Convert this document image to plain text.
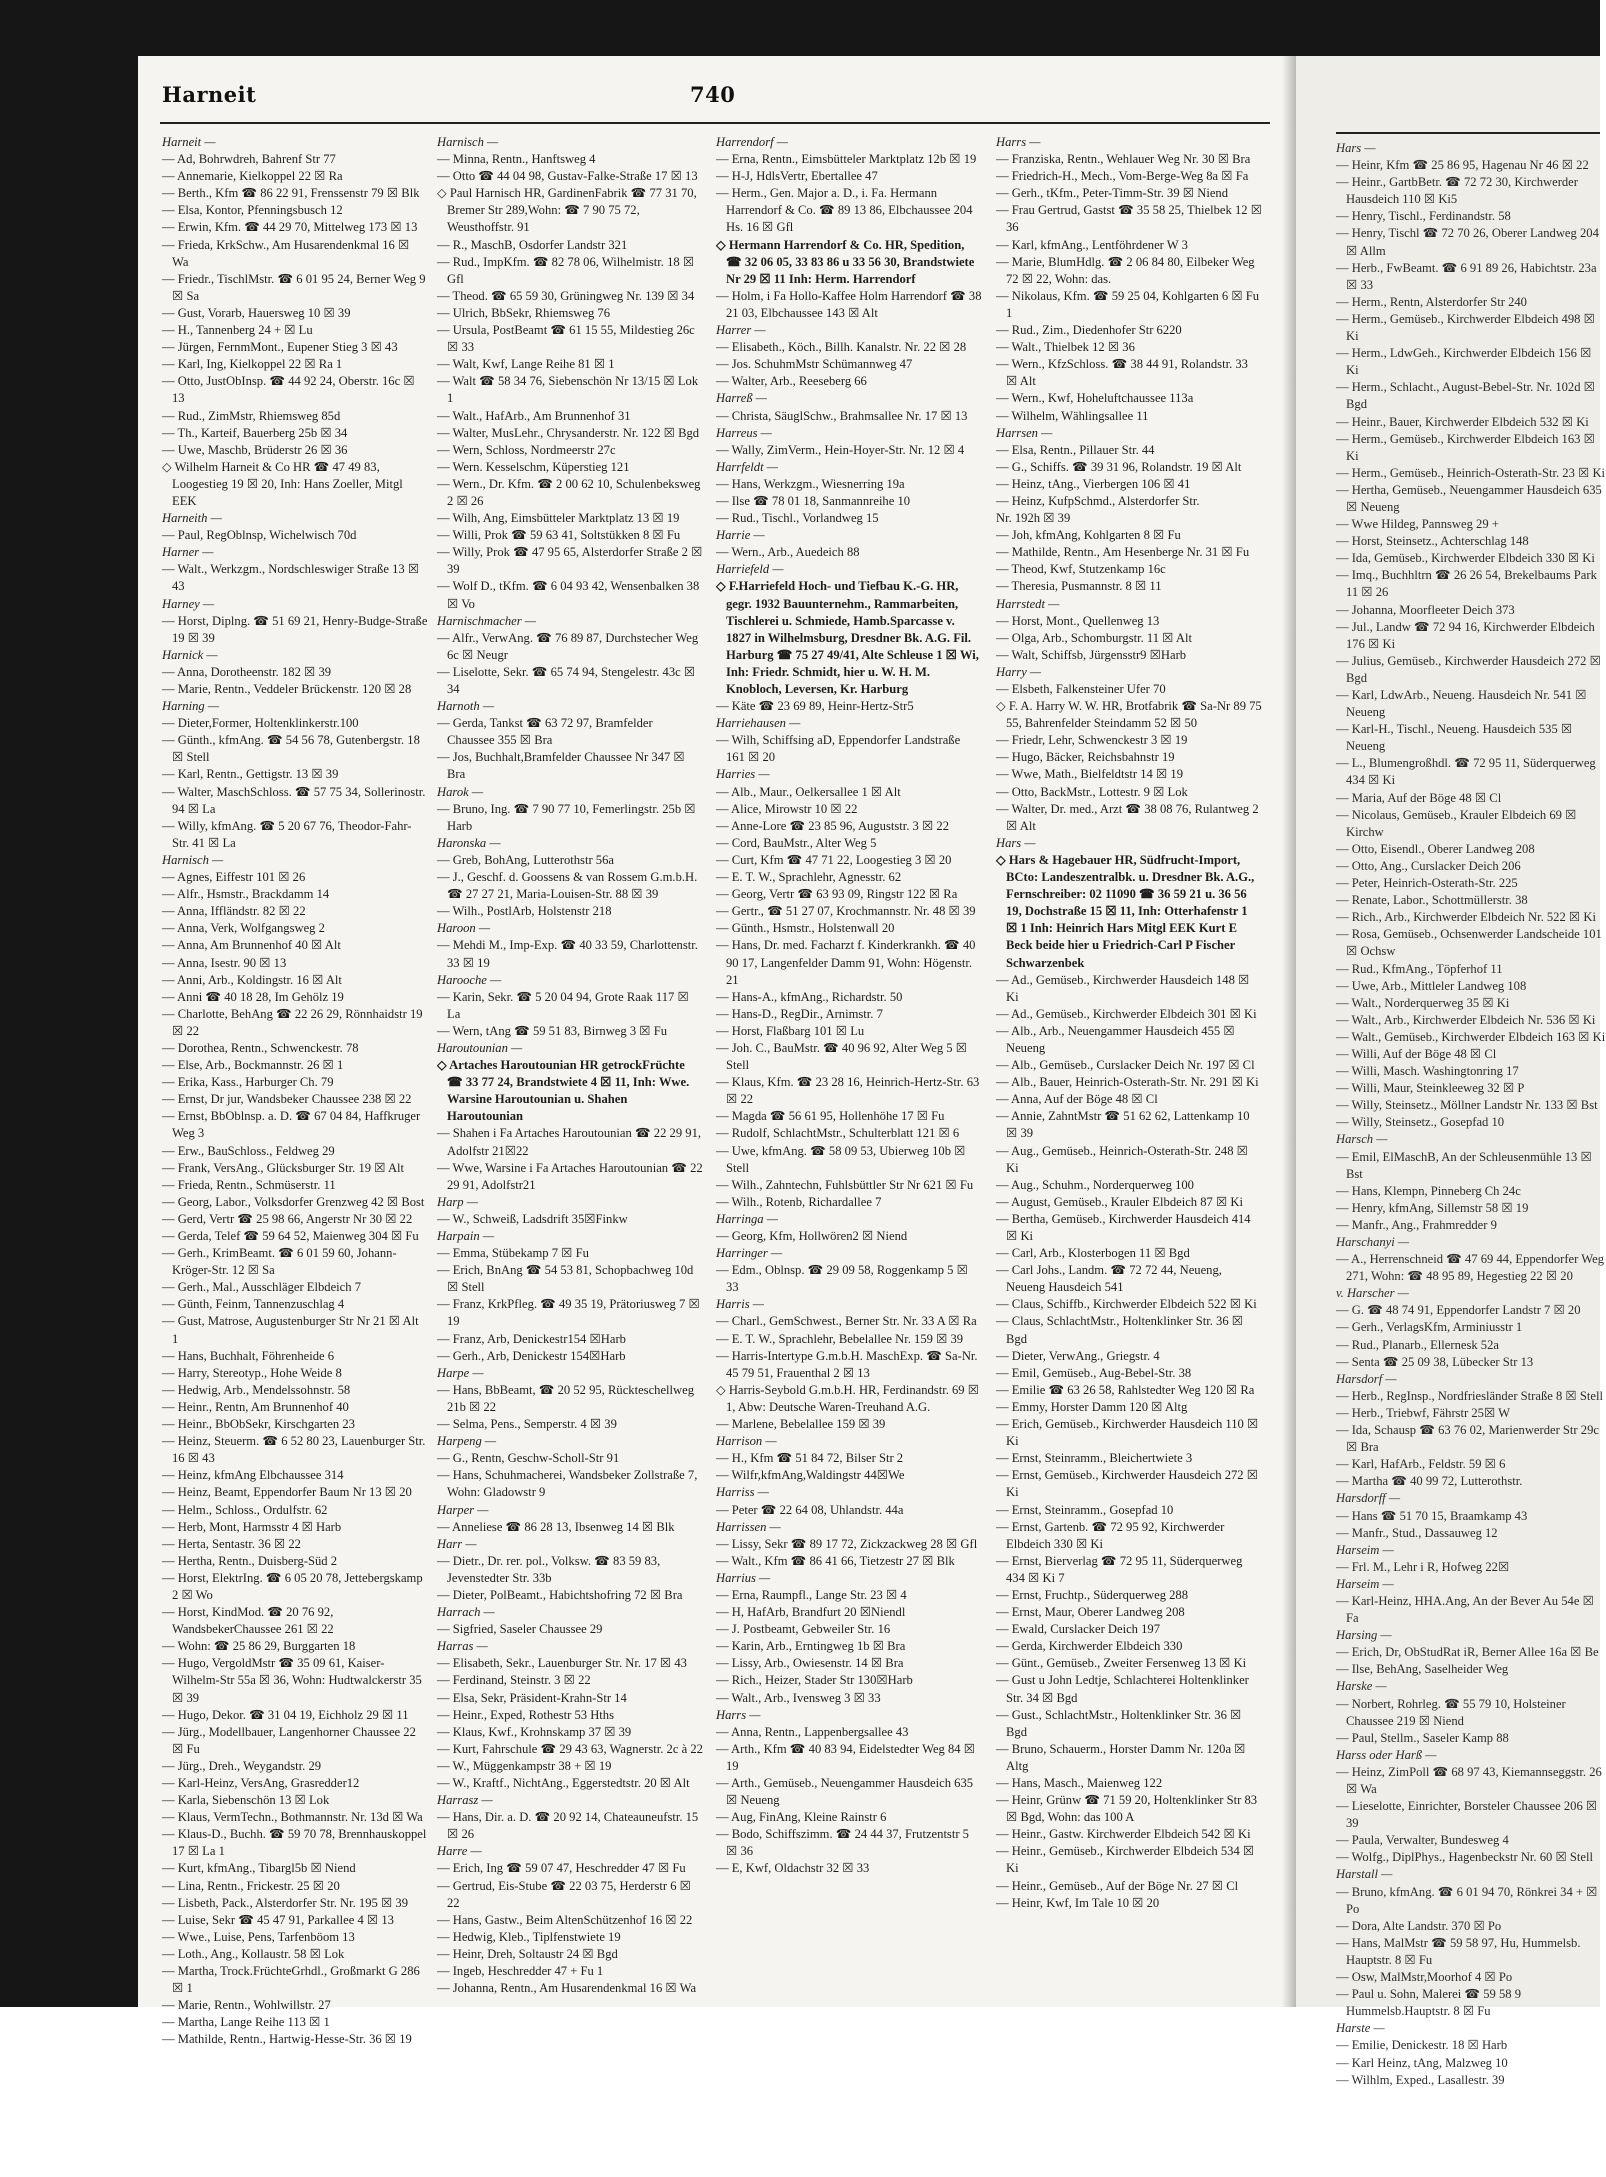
Harneit	740

Harneit —

— Ad, Bohrwdreh, Bahrenf Str 77

— Annemarie, Kielkoppel 22 ☒ Ra

— Berth., Kfm ☎ 86 22 91, Frenssenstr 79 ☒ Blk

— Elsa, Kontor, Pfenningsbusch 12

— Erwin, Kfm. ☎ 44 29 70, Mittelweg 173 ☒ 13

— Frieda, KrkSchw., Am Husarendenkmal 16 ☒ Wa

— Friedr., TischlMstr. ☎ 6 01 95 24, Berner Weg 9 ☒ Sa

— Gust, Vorarb, Hauersweg 10 ☒ 39

— H., Tannenberg 24 + ☒ Lu

— Jürgen, FernmMont., Eupener Stieg 3 ☒ 43

— Karl, Ing, Kielkoppel 22 ☒ Ra 1

— Otto, JustObInsp. ☎ 44 92 24, Oberstr. 16c ☒ 13

— Rud., ZimMstr, Rhiemsweg 85d

— Th., Karteif, Bauerberg 25b ☒ 34

— Uwe, Maschb, Brüderstr 26 ☒ 36

◇ Wilhelm Harneit & Co HR ☎ 47 49 83, Loogestieg 19 ☒ 20, Inh: Hans Zoeller, Mitgl EEK

Harneith —

— Paul, RegOblnsp, Wichelwisch 70d

Harner —

— Walt., Werkzgm., Nordschleswiger Straße 13 ☒ 43

Harney —

— Horst, Diplng. ☎ 51 69 21, Henry-Budge-Straße 19 ☒ 39

Harnick —

— Anna, Dorotheenstr. 182 ☒ 39

— Marie, Rentn., Veddeler Brückenstr. 120 ☒ 28

Harning —

— Dieter,Former, Holtenklinkerstr.100

— Günth., kfmAng. ☎ 54 56 78, Gutenbergstr. 18 ☒ Stell

— Karl, Rentn., Gettigstr. 13 ☒ 39

— Walter, MaschSchloss. ☎ 57 75 34, Sollerinostr. 94 ☒ La

— Willy, kfmAng. ☎ 5 20 67 76, Theodor-Fahr-Str. 41 ☒ La

Harnisch —

— Agnes, Eiffestr 101 ☒ 26

— Alfr., Hsmstr., Brackdamm 14

— Anna, Iffländstr. 82 ☒ 22

— Anna, Verk, Wolfgangsweg 2

— Anna, Am Brunnenhof 40 ☒ Alt

— Anna, Isestr. 90 ☒ 13

— Anni, Arb., Koldingstr. 16 ☒ Alt

— Anni ☎ 40 18 28, Im Gehölz 19

— Charlotte, BehAng ☎ 22 26 29, Rönnhaidstr 19 ☒ 22

— Dorothea, Rentn., Schwenckestr. 78

— Else, Arb., Bockmannstr. 26 ☒ 1

— Erika, Kass., Harburger Ch. 79

— Ernst, Dr jur, Wandsbeker Chaussee 238 ☒ 22

— Ernst, BbOblnsp. a. D. ☎ 67 04 84, Haffkruger Weg 3

— Erw., BauSchloss., Feldweg 29

— Frank, VersAng., Glücksburger Str. 19 ☒ Alt

— Frieda, Rentn., Schmüserstr. 11

— Georg, Labor., Volksdorfer Grenzweg 42 ☒ Bost

— Gerd, Vertr ☎ 25 98 66, Angerstr Nr 30 ☒ 22

— Gerda, Telef ☎ 59 64 52, Maienweg 304 ☒ Fu

— Gerh., KrimBeamt. ☎ 6 01 59 60, Johann-Kröger-Str. 12 ☒ Sa

— Gerh., Mal., Ausschläger Elbdeich 7

— Günth, Feinm, Tannenzuschlag 4

— Gust, Matrose, Augustenburger Str Nr 21 ☒ Alt 1

— Hans, Buchhalt, Föhrenheide 6

— Harry, Stereotyp., Hohe Weide 8

— Hedwig, Arb., Mendelssohnstr. 58

— Heinr., Rentn, Am Brunnenhof 40

— Heinr., BbObSekr, Kirschgarten 23

— Heinz, Steuerm. ☎ 6 52 80 23, Lauenburger Str. 16 ☒ 43

— Heinz, kfmAng Elbchaussee 314

— Heinz, Beamt, Eppendorfer Baum Nr 13 ☒ 20

— Helm., Schloss., Ordulfstr. 62

— Herb, Mont, Harmsstr 4 ☒ Harb

— Herta, Sentastr. 36 ☒ 22

— Hertha, Rentn., Duisberg-Süd 2

— Horst, ElektrIng. ☎ 6 05 20 78, Jettebergskamp 2 ☒ Wo

— Horst, KindMod. ☎ 20 76 92, WandsbekerChaussee 261 ☒ 22

— Wohn: ☎ 25 86 29, Burggarten 18

— Hugo, VergoldMstr ☎ 35 09 61, Kaiser-Wilhelm-Str 55a ☒ 36, Wohn: Hudtwalckerstr 35 ☒ 39

— Hugo, Dekor. ☎ 31 04 19, Eichholz 29 ☒ 11

— Jürg., Modellbauer, Langenhorner Chaussee 22 ☒ Fu

— Jürg., Dreh., Weygandstr. 29

— Karl-Heinz, VersAng, Grasredder12

— Karla, Siebenschön 13 ☒ Lok

— Klaus, VermTechn., Bothmannstr. Nr. 13d ☒ Wa

— Klaus-D., Buchh. ☎ 59 70 78, Brennhauskoppel 17 ☒ La 1

— Kurt, kfmAng., Tibargl5b ☒ Niend

— Lina, Rentn., Frickestr. 25 ☒ 20

— Lisbeth, Pack., Alsterdorfer Str. Nr. 195 ☒ 39

— Luise, Sekr ☎ 45 47 91, Parkallee 4 ☒ 13

— Wwe., Luise, Pens, Tarfenböom 13

— Loth., Ang., Kollaustr. 58 ☒ Lok

— Martha, Trock.FrüchteGrhdl., Großmarkt G 286 ☒ 1

— Marie, Rentn., Wohlwillstr. 27

— Martha, Lange Reihe 113 ☒ 1

— Mathilde, Rentn., Hartwig-Hesse-Str. 36 ☒ 19

Harnisch —

— Minna, Rentn., Hanftsweg 4

— Otto ☎ 44 04 98, Gustav-Falke-Straße 17 ☒ 13

◇ Paul Harnisch HR, GardinenFabrik ☎ 77 31 70, Bremer Str 289,Wohn: ☎ 7 90 75 72, Weusthoffstr. 91

— R., MaschB, Osdorfer Landstr 321

— Rud., ImpKfm. ☎ 82 78 06, Wilhelmistr. 18 ☒ Gfl

— Theod. ☎ 65 59 30, Grüningweg Nr. 139 ☒ 34

— Ulrich, BbSekr, Rhiemsweg 76

— Ursula, PostBeamt ☎ 61 15 55, Mildestieg 26c ☒ 33

— Walt, Kwf, Lange Reihe 81 ☒ 1

— Walt ☎ 58 34 76, Siebenschön Nr 13/15 ☒ Lok 1

— Walt., HafArb., Am Brunnenhof 31

— Walter, MusLehr., Chrysanderstr. Nr. 122 ☒ Bgd

— Wern, Schloss, Nordmeerstr 27c

— Wern. Kesselschm, Küperstieg 121

— Wern., Dr. Kfm. ☎ 2 00 62 10, Schulenbeksweg 2 ☒ 26

— Wilh, Ang, Eimsbütteler Marktplatz 13 ☒ 19

— Willi, Prok ☎ 59 63 41, Soltstükken 8 ☒ Fu

— Willy, Prok ☎ 47 95 65, Alsterdorfer Straße 2 ☒ 39

— Wolf D., tKfm. ☎ 6 04 93 42, Wensenbalken 38 ☒ Vo

Harnischmacher —

— Alfr., VerwAng. ☎ 76 89 87, Durchstecher Weg 6c ☒ Neugr

— Liselotte, Sekr. ☎ 65 74 94, Stengelestr. 43c ☒ 34

Harnoth —

— Gerda, Tankst ☎ 63 72 97, Bramfelder Chaussee 355 ☒ Bra

— Jos, Buchhalt,Bramfelder Chaussee Nr 347 ☒ Bra

Harok —

— Bruno, Ing. ☎ 7 90 77 10, Femerlingstr. 25b ☒ Harb

Haronska —

— Greb, BohAng, Lutterothstr 56a

— J., Geschf. d. Goossens & van Rossem G.m.b.H. ☎ 27 27 21, Maria-Louisen-Str. 88 ☒ 39

— Wilh., PostlArb, Holstenstr 218

Haroon —

— Mehdi M., Imp-Exp. ☎ 40 33 59, Charlottenstr. 33 ☒ 19

Harooche —

— Karin, Sekr. ☎ 5 20 04 94, Grote Raak 117 ☒ La

— Wern, tAng ☎ 59 51 83, Birnweg 3 ☒ Fu

Haroutounian —

◇ Artaches Haroutounian HR getrockFrüchte ☎ 33 77 24, Brandstwiete 4 ☒ 11, Inh: Wwe. Warsine Haroutounian u. Shahen Haroutounian

— Shahen i Fa Artaches Haroutounian ☎ 22 29 91, Adolfstr 21☒22

— Wwe, Warsine i Fa Artaches Haroutounian ☎ 22 29 91, Adolfstr21

Harp —

— W., Schweiß, Ladsdrift 35☒Finkw

Harpain —

— Emma, Stübekamp 7 ☒ Fu

— Erich, BnAng ☎ 54 53 81, Schopbachweg 10d ☒ Stell

— Franz, KrkPfleg. ☎ 49 35 19, Prätoriusweg 7 ☒ 19

— Franz, Arb, Denickestr154 ☒Harb

— Gerh., Arb, Denickestr 154☒Harb

Harpe —

— Hans, BbBeamt, ☎ 20 52 95, Rückteschellweg 21b ☒ 22

— Selma, Pens., Semperstr. 4 ☒ 39

Harpeng —

— G., Rentn, Geschw-Scholl-Str 91

— Hans, Schuhmacherei, Wandsbeker Zollstraße 7, Wohn: Gladowstr 9

Harper —

— Anneliese ☎ 86 28 13, Ibsenweg 14 ☒ Blk

Harr —

— Dietr., Dr. rer. pol., Volksw. ☎ 83 59 83, Jevenstedter Str. 33b

— Dieter, PolBeamt., Habichtshofring 72 ☒ Bra

Harrach —

— Sigfried, Saseler Chaussee 29

Harras —

— Elisabeth, Sekr., Lauenburger Str. Nr. 17 ☒ 43

— Ferdinand, Steinstr. 3 ☒ 22

— Elsa, Sekr, Präsident-Krahn-Str 14

— Heinr., Exped, Rothestr 53 Hths

— Klaus, Kwf., Krohnskamp 37 ☒ 39

— Kurt, Fahrschule ☎ 29 43 63, Wagnerstr. 2c à 22

— W., Müggenkampstr 38 + ☒ 19

— W., Kraftf., NichtAng., Eggerstedtstr. 20 ☒ Alt

Harrasz —

— Hans, Dir. a. D. ☎ 20 92 14, Chateauneufstr. 15 ☒ 26

Harre —

— Erich, Ing ☎ 59 07 47, Heschredder 47 ☒ Fu

— Gertrud, Eis-Stube ☎ 22 03 75, Herderstr 6 ☒ 22

— Hans, Gastw., Beim AltenSchützenhof 16 ☒ 22

— Hedwig, Kleb., Tiplfenstwiete 19

— Heinr, Dreh, Soltaustr 24 ☒ Bgd

— Ingeb, Heschredder 47 + Fu 1

— Johanna, Rentn., Am Husarendenkmal 16 ☒ Wa

Harrendorf —

— Erna, Rentn., Eimsbütteler Marktplatz 12b ☒ 19

— H-J, HdlsVertr, Ebertallee 47

— Herm., Gen. Major a. D., i. Fa. Hermann Harrendorf & Co. ☎ 89 13 86, Elbchaussee 204 Hs. 16 ☒ Gfl

◇ Hermann Harrendorf & Co. HR, Spedition, ☎ 32 06 05, 33 83 86 u 33 56 30, Brandstwiete Nr 29 ☒ 11 Inh: Herm. Harrendorf

— Holm, i Fa Hollo-Kaffee Holm Harrendorf ☎ 38 21 03, Elbchaussee 143 ☒ Alt

Harrer —

— Elisabeth., Köch., Billh. Kanalstr. Nr. 22 ☒ 28

— Jos. SchuhmMstr Schümannweg 47

— Walter, Arb., Reeseberg 66

Harreß —

— Christa, SäuglSchw., Brahmsallee Nr. 17 ☒ 13

Harreus —

— Wally, ZimVerm., Hein-Hoyer-Str. Nr. 12 ☒ 4

Harrfeldt —

— Hans, Werkzgm., Wiesnerring 19a

— Ilse ☎ 78 01 18, Sanmannreihe 10

— Rud., Tischl., Vorlandweg 15

Harrie —

— Wern., Arb., Auedeich 88

Harriefeld —

◇ F.Harriefeld Hoch- und Tiefbau K.-G. HR, gegr. 1932 Bauunternehm., Rammarbeiten, Tischlerei u. Schmiede, Hamb.Sparcasse v. 1827 in Wilhelmsburg, Dresdner Bk. A.G. Fil. Harburg ☎ 75 27 49/41, Alte Schleuse 1 ☒ Wi, Inh: Friedr. Schmidt, hier u. W. H. M. Knobloch, Leversen, Kr. Harburg

— Käte ☎ 23 69 89, Heinr-Hertz-Str5

Harriehausen —

— Wilh, Schiffsing aD, Eppendorfer Landstraße 161 ☒ 20

Harries —

— Alb., Maur., Oelkersallee 1 ☒ Alt

— Alice, Mirowstr 10 ☒ 22

— Anne-Lore ☎ 23 85 96, Auguststr. 3 ☒ 22

— Cord, BauMstr., Alter Weg 5

— Curt, Kfm ☎ 47 71 22, Loogestieg 3 ☒ 20

— E. T. W., Sprachlehr, Agnesstr. 62

— Georg, Vertr ☎ 63 93 09, Ringstr 122 ☒ Ra

— Gertr., ☎ 51 27 07, Krochmannstr. Nr. 48 ☒ 39

— Günth., Hsmstr., Holstenwall 20

— Hans, Dr. med. Facharzt f. Kinderkrankh. ☎ 40 90 17, Langenfelder Damm 91, Wohn: Högenstr. 21

— Hans-A., kfmAng., Richardstr. 50

— Hans-D., RegDir., Arnimstr. 7

— Horst, Flaßbarg 101 ☒ Lu

— Joh. C., BauMstr. ☎ 40 96 92, Alter Weg 5 ☒ Stell

— Klaus, Kfm. ☎ 23 28 16, Heinrich-Hertz-Str. 63 ☒ 22

— Magda ☎ 56 61 95, Hollenhöhe 17 ☒ Fu

— Rudolf, SchlachtMstr., Schulterblatt 121 ☒ 6

— Uwe, kfmAng. ☎ 58 09 53, Ubierweg 10b ☒ Stell

— Wilh., Zahntechn, Fuhlsbüttler Str Nr 621 ☒ Fu

— Wilh., Rotenb, Richardallee 7

Harringa —

— Georg, Kfm, Hollwören2 ☒ Niend

Harringer —

— Edm., Oblnsp. ☎ 29 09 58, Roggenkamp 5 ☒ 33

Harris —

— Charl., GemSchwest., Berner Str. Nr. 33 A ☒ Ra

— E. T. W., Sprachlehr, Bebelallee Nr. 159 ☒ 39

— Harris-Intertype G.m.b.H. MaschExp. ☎ Sa-Nr. 45 79 51, Frauenthal 2 ☒ 13

◇ Harris-Seybold G.m.b.H. HR, Ferdinandstr. 69 ☒ 1, Abw: Deutsche Waren-Treuhand A.G.

— Marlene, Bebelallee 159 ☒ 39

Harrison —

— H., Kfm ☎ 51 84 72, Bilser Str 2

— Wilfr,kfmAng,Waldingstr 44☒We

Harriss —

— Peter ☎ 22 64 08, Uhlandstr. 44a

Harrissen —

— Lissy, Sekr ☎ 89 17 72, Zickzackweg 28 ☒ Gfl

— Walt., Kfm ☎ 86 41 66, Tietzestr 27 ☒ Blk

Harrius —

— Erna, Raumpfl., Lange Str. 23 ☒ 4

— H, HafArb, Brandfurt 20 ☒Niendl

— J. Postbeamt, Gebweiler Str. 16

— Karin, Arb., Erntingweg 1b ☒ Bra

— Lissy, Arb., Owiesenstr. 14 ☒ Bra

— Rich., Heizer, Stader Str 130☒Harb

— Walt., Arb., Ivensweg 3 ☒ 33

Harrs —

— Anna, Rentn., Lappenbergsallee 43

— Arth., Kfm ☎ 40 83 94, Eidelstedter Weg 84 ☒ 19

— Arth., Gemüseb., Neuengammer Hausdeich 635 ☒ Neueng

— Aug, FinAng, Kleine Rainstr 6

— Bodo, Schiffszimm. ☎ 24 44 37, Frutzentstr 5 ☒ 36

— E, Kwf, Oldachstr 32 ☒ 33

Harrs —

— Franziska, Rentn., Wehlauer Weg Nr. 30 ☒ Bra

— Friedrich-H., Mech., Vom-Berge-Weg 8a ☒ Fa

— Gerh., tKfm., Peter-Timm-Str. 39 ☒ Niend

— Frau Gertrud, Gastst ☎ 35 58 25, Thielbek 12 ☒ 36

— Karl, kfmAng., Lentföhrdener W 3

— Marie, BlumHdlg. ☎ 2 06 84 80, Eilbeker Weg 72 ☒ 22, Wohn: das.

— Nikolaus, Kfm. ☎ 59 25 04, Kohlgarten 6 ☒ Fu 1

— Rud., Zim., Diedenhofer Str 6220

— Walt., Thielbek 12 ☒ 36

— Wern., KfzSchloss. ☎ 38 44 91, Rolandstr. 33 ☒ Alt

— Wern., Kwf, Hoheluftchaussee 113a

— Wilhelm, Wählingsallee 11

Harrsen —

— Elsa, Rentn., Pillauer Str. 44

— G., Schiffs. ☎ 39 31 96, Rolandstr. 19 ☒ Alt

— Heinz, tAng., Vierbergen 106 ☒ 41

— Heinz, KufpSchmd., Alsterdorfer Str.

Nr. 192h ☒ 39

— Joh, kfmAng, Kohlgarten 8 ☒ Fu

— Mathilde, Rentn., Am Hesenberge Nr. 31 ☒ Fu

— Theod, Kwf, Stutzenkamp 16c

— Theresia, Pusmannstr. 8 ☒ 11

Harrstedt —

— Horst, Mont., Quellenweg 13

— Olga, Arb., Schomburgstr. 11 ☒ Alt

— Walt, Schiffsb, Jürgensstr9 ☒Harb

Harry —

— Elsbeth, Falkensteiner Ufer 70

◇ F. A. Harry W. W. HR, Brotfabrik ☎ Sa-Nr 89 75 55, Bahrenfelder Steindamm 52 ☒ 50

— Friedr, Lehr, Schwenckestr 3 ☒ 19

— Hugo, Bäcker, Reichsbahnstr 19

— Wwe, Math., Bielfeldtstr 14 ☒ 19

— Otto, BackMstr., Lottestr. 9 ☒ Lok

— Walter, Dr. med., Arzt ☎ 38 08 76, Rulantweg 2 ☒ Alt

Hars —

◇ Hars & Hagebauer HR, Südfrucht-Import, BCto: Landeszentralbk. u. Dresdner Bk. A.G., Fernschreiber: 02 11090 ☎ 36 59 21 u. 36 56 19, Dochstraße 15 ☒ 11, Inh: Otterhafenstr 1 ☒ 1 Inh: Heinrich Hars Mitgl EEK Kurt E Beck beide hier u Friedrich-Carl P Fischer Schwarzenbek

— Ad., Gemüseb., Kirchwerder Hausdeich 148 ☒ Ki

— Ad., Gemüseb., Kirchwerder Elbdeich 301 ☒ Ki

— Alb., Arb., Neuengammer Hausdeich 455 ☒ Neueng

— Alb., Gemüseb., Curslacker Deich Nr. 197 ☒ Cl

— Alb., Bauer, Heinrich-Osterath-Str. Nr. 291 ☒ Ki

— Anna, Auf der Böge 48 ☒ Cl

— Annie, ZahntMstr ☎ 51 62 62, Lattenkamp 10 ☒ 39

— Aug., Gemüseb., Heinrich-Osterath-Str. 248 ☒ Ki

— Aug., Schuhm., Norderquerweg 100

— August, Gemüseb., Krauler Elbdeich 87 ☒ Ki

— Bertha, Gemüseb., Kirchwerder Hausdeich 414 ☒ Ki

— Carl, Arb., Klosterbogen 11 ☒ Bgd

— Carl Johs., Landm. ☎ 72 72 44, Neueng, Neueng Hausdeich 541

— Claus, Schiffb., Kirchwerder Elbdeich 522 ☒ Ki

— Claus, SchlachtMstr., Holtenklinker Str. 36 ☒ Bgd

— Dieter, VerwAng., Griegstr. 4

— Emil, Gemüseb., Aug-Bebel-Str. 38

— Emilie ☎ 63 26 58, Rahlstedter Weg 120 ☒ Ra

— Emmy, Horster Damm 120 ☒ Altg

— Erich, Gemüseb., Kirchwerder Hausdeich 110 ☒ Ki

— Ernst, Steinramm., Bleichertwiete 3

— Ernst, Gemüseb., Kirchwerder Hausdeich 272 ☒ Ki

— Ernst, Steinramm., Gosepfad 10

— Ernst, Gartenb. ☎ 72 95 92, Kirchwerder Elbdeich 330 ☒ Ki

— Ernst, Bierverlag ☎ 72 95 11, Süderquerweg 434 ☒ Ki 7

— Ernst, Fruchtp., Süderquerweg 288

— Ernst, Maur, Oberer Landweg 208

— Ewald, Curslacker Deich 197

— Gerda, Kirchwerder Elbdeich 330

— Günt., Gemüseb., Zweiter Fersenweg 13 ☒ Ki

— Gust u John Ledtje, Schlachterei Holtenklinker Str. 34 ☒ Bgd

— Gust., SchlachtMstr., Holtenklinker Str. 36 ☒ Bgd

— Bruno, Schauerm., Horster Damm Nr. 120a ☒ Altg

— Hans, Masch., Maienweg 122

— Heinr, Grünw ☎ 71 59 20, Holtenklinker Str 83 ☒ Bgd, Wohn: das 100 A

— Heinr., Gastw. Kirchwerder Elbdeich 542 ☒ Ki

— Heinr., Gemüseb., Kirchwerder Elbdeich 534 ☒ Ki

— Heinr., Gemüseb., Auf der Böge Nr. 27 ☒ Cl

— Heinr, Kwf, Im Tale 10 ☒ 20

Hars —

— Heinr, Kfm ☎ 25 86 95, Hagenau Nr 46 ☒ 22

— Heinr., GartbBetr. ☎ 72 72 30, Kirchwerder Hausdeich 110 ☒ Ki5

— Henry, Tischl., Ferdinandstr. 58

— Henry, Tischl ☎ 72 70 26, Oberer Landweg 204 ☒ Allm

— Herb., FwBeamt. ☎ 6 91 89 26, Habichtstr. 23a ☒ 33

— Herm., Rentn, Alsterdorfer Str 240

— Herm., Gemüseb., Kirchwerder Elbdeich 498 ☒ Ki

— Herm., LdwGeh., Kirchwerder Elbdeich 156 ☒ Ki

— Herm., Schlacht., August-Bebel-Str. Nr. 102d ☒ Bgd

— Heinr., Bauer, Kirchwerder Elbdeich 532 ☒ Ki

— Herm., Gemüseb., Kirchwerder Elbdeich 163 ☒ Ki

— Herm., Gemüseb., Heinrich-Osterath-Str. 23 ☒ Ki

— Hertha, Gemüseb., Neuengammer Hausdeich 635 ☒ Neueng

— Wwe Hildeg, Pannsweg 29 +

— Horst, Steinsetz., Achterschlag 148

— Ida, Gemüseb., Kirchwerder Elbdeich 330 ☒ Ki

— Imq., Buchhltrn ☎ 26 26 54, Brekelbaums Park 11 ☒ 26

— Johanna, Moorfleeter Deich 373

— Jul., Landw ☎ 72 94 16, Kirchwerder Elbdeich 176 ☒ Ki

— Julius, Gemüseb., Kirchwerder Hausdeich 272 ☒ Bgd

— Karl, LdwArb., Neueng. Hausdeich Nr. 541 ☒ Neueng

— Karl-H., Tischl., Neueng. Hausdeich 535 ☒ Neueng

— L., Blumengroßhdl. ☎ 72 95 11, Süderquerweg 434 ☒ Ki

— Maria, Auf der Böge 48 ☒ Cl

— Nicolaus, Gemüseb., Krauler Elbdeich 69 ☒ Kirchw

— Otto, Eisendl., Oberer Landweg 208

— Otto, Ang., Curslacker Deich 206

— Peter, Heinrich-Osterath-Str. 225

— Renate, Labor., Schottmüllerstr. 38

— Rich., Arb., Kirchwerder Elbdeich Nr. 522 ☒ Ki

— Rosa, Gemüseb., Ochsenwerder Landscheide 101 ☒ Ochsw

— Rud., KfmAng., Töpferhof 11

— Uwe, Arb., Mittleler Landweg 108

— Walt., Norderquerweg 35 ☒ Ki

— Walt., Arb., Kirchwerder Elbdeich Nr. 536 ☒ Ki

— Walt., Gemüseb., Kirchwerder Elbdeich 163 ☒ Ki

— Willi, Auf der Böge 48 ☒ Cl

— Willi, Masch. Washingtonring 17

— Willi, Maur, Steinkleeweg 32 ☒ P

— Willy, Steinsetz., Möllner Landstr Nr. 133 ☒ Bst

— Willy, Steinsetz., Gosepfad 10

Harsch —

— Emil, ElMaschB, An der Schleusenmühle 13 ☒ Bst

— Hans, Klempn, Pinneberg Ch 24c

— Henry, kfmAng, Sillemstr 58 ☒ 19

— Manfr., Ang., Frahmredder 9

Harschanyi —

— A., Herrenschneid ☎ 47 69 44, Eppendorfer Weg 271, Wohn: ☎ 48 95 89, Hegestieg 22 ☒ 20

v. Harscher —

— G. ☎ 48 74 91, Eppendorfer Landstr 7 ☒ 20

— Gerh., VerlagsKfm, Arminiusstr 1

— Rud., Planarb., Ellernesk 52a

— Senta ☎ 25 09 38, Lübecker Str 13

Harsdorf —

— Herb., RegInsp., Nordfriesländer Straße 8 ☒ Stell

— Herb., Triebwf, Fährstr 25☒ W

— Ida, Schausp ☎ 63 76 02, Marienwerder Str 29c ☒ Bra

— Karl, HafArb., Feldstr. 59 ☒ 6

— Martha ☎ 40 99 72, Lutterothstr.

Harsdorff —

— Hans ☎ 51 70 15, Braamkamp 43

— Manfr., Stud., Dassauweg 12

Harseim —

— Frl. M., Lehr i R, Hofweg 22☒

Harseim —

— Karl-Heinz, HHA.Ang, An der Bever Au 54e ☒ Fa

Harsing —

— Erich, Dr, ObStudRat iR, Berner Allee 16a ☒ Be

— Ilse, BehAng, Saselheider Weg

Harske —

— Norbert, Rohrleg. ☎ 55 79 10, Holsteiner Chaussee 219 ☒ Niend

— Paul, Stellm., Saseler Kamp 88

Harss oder Harß —

— Heinz, ZimPoll ☎ 68 97 43, Kiemannseggstr. 26 ☒ Wa

— Lieselotte, Einrichter, Borsteler Chaussee 206 ☒ 39

— Paula, Verwalter, Bundesweg 4

— Wolfg., DiplPhys., Hagenbeckstr Nr. 60 ☒ Stell

Harstall —

— Bruno, kfmAng. ☎ 6 01 94 70, Rönkrei 34 + ☒ Po

— Dora, Alte Landstr. 370 ☒ Po

— Hans, MalMstr ☎ 59 58 97, Hu, Hummelsb. Hauptstr. 8 ☒ Fu

— Osw, MalMstr,Moorhof 4 ☒ Po

— Paul u. Sohn, Malerei ☎ 59 58 9 Hummelsb.Hauptstr. 8 ☒ Fu

Harste —

— Emilie, Denickestr. 18 ☒ Harb

— Karl Heinz, tAng, Malzweg 10

— Wilhlm, Exped., Lasallestr. 39
